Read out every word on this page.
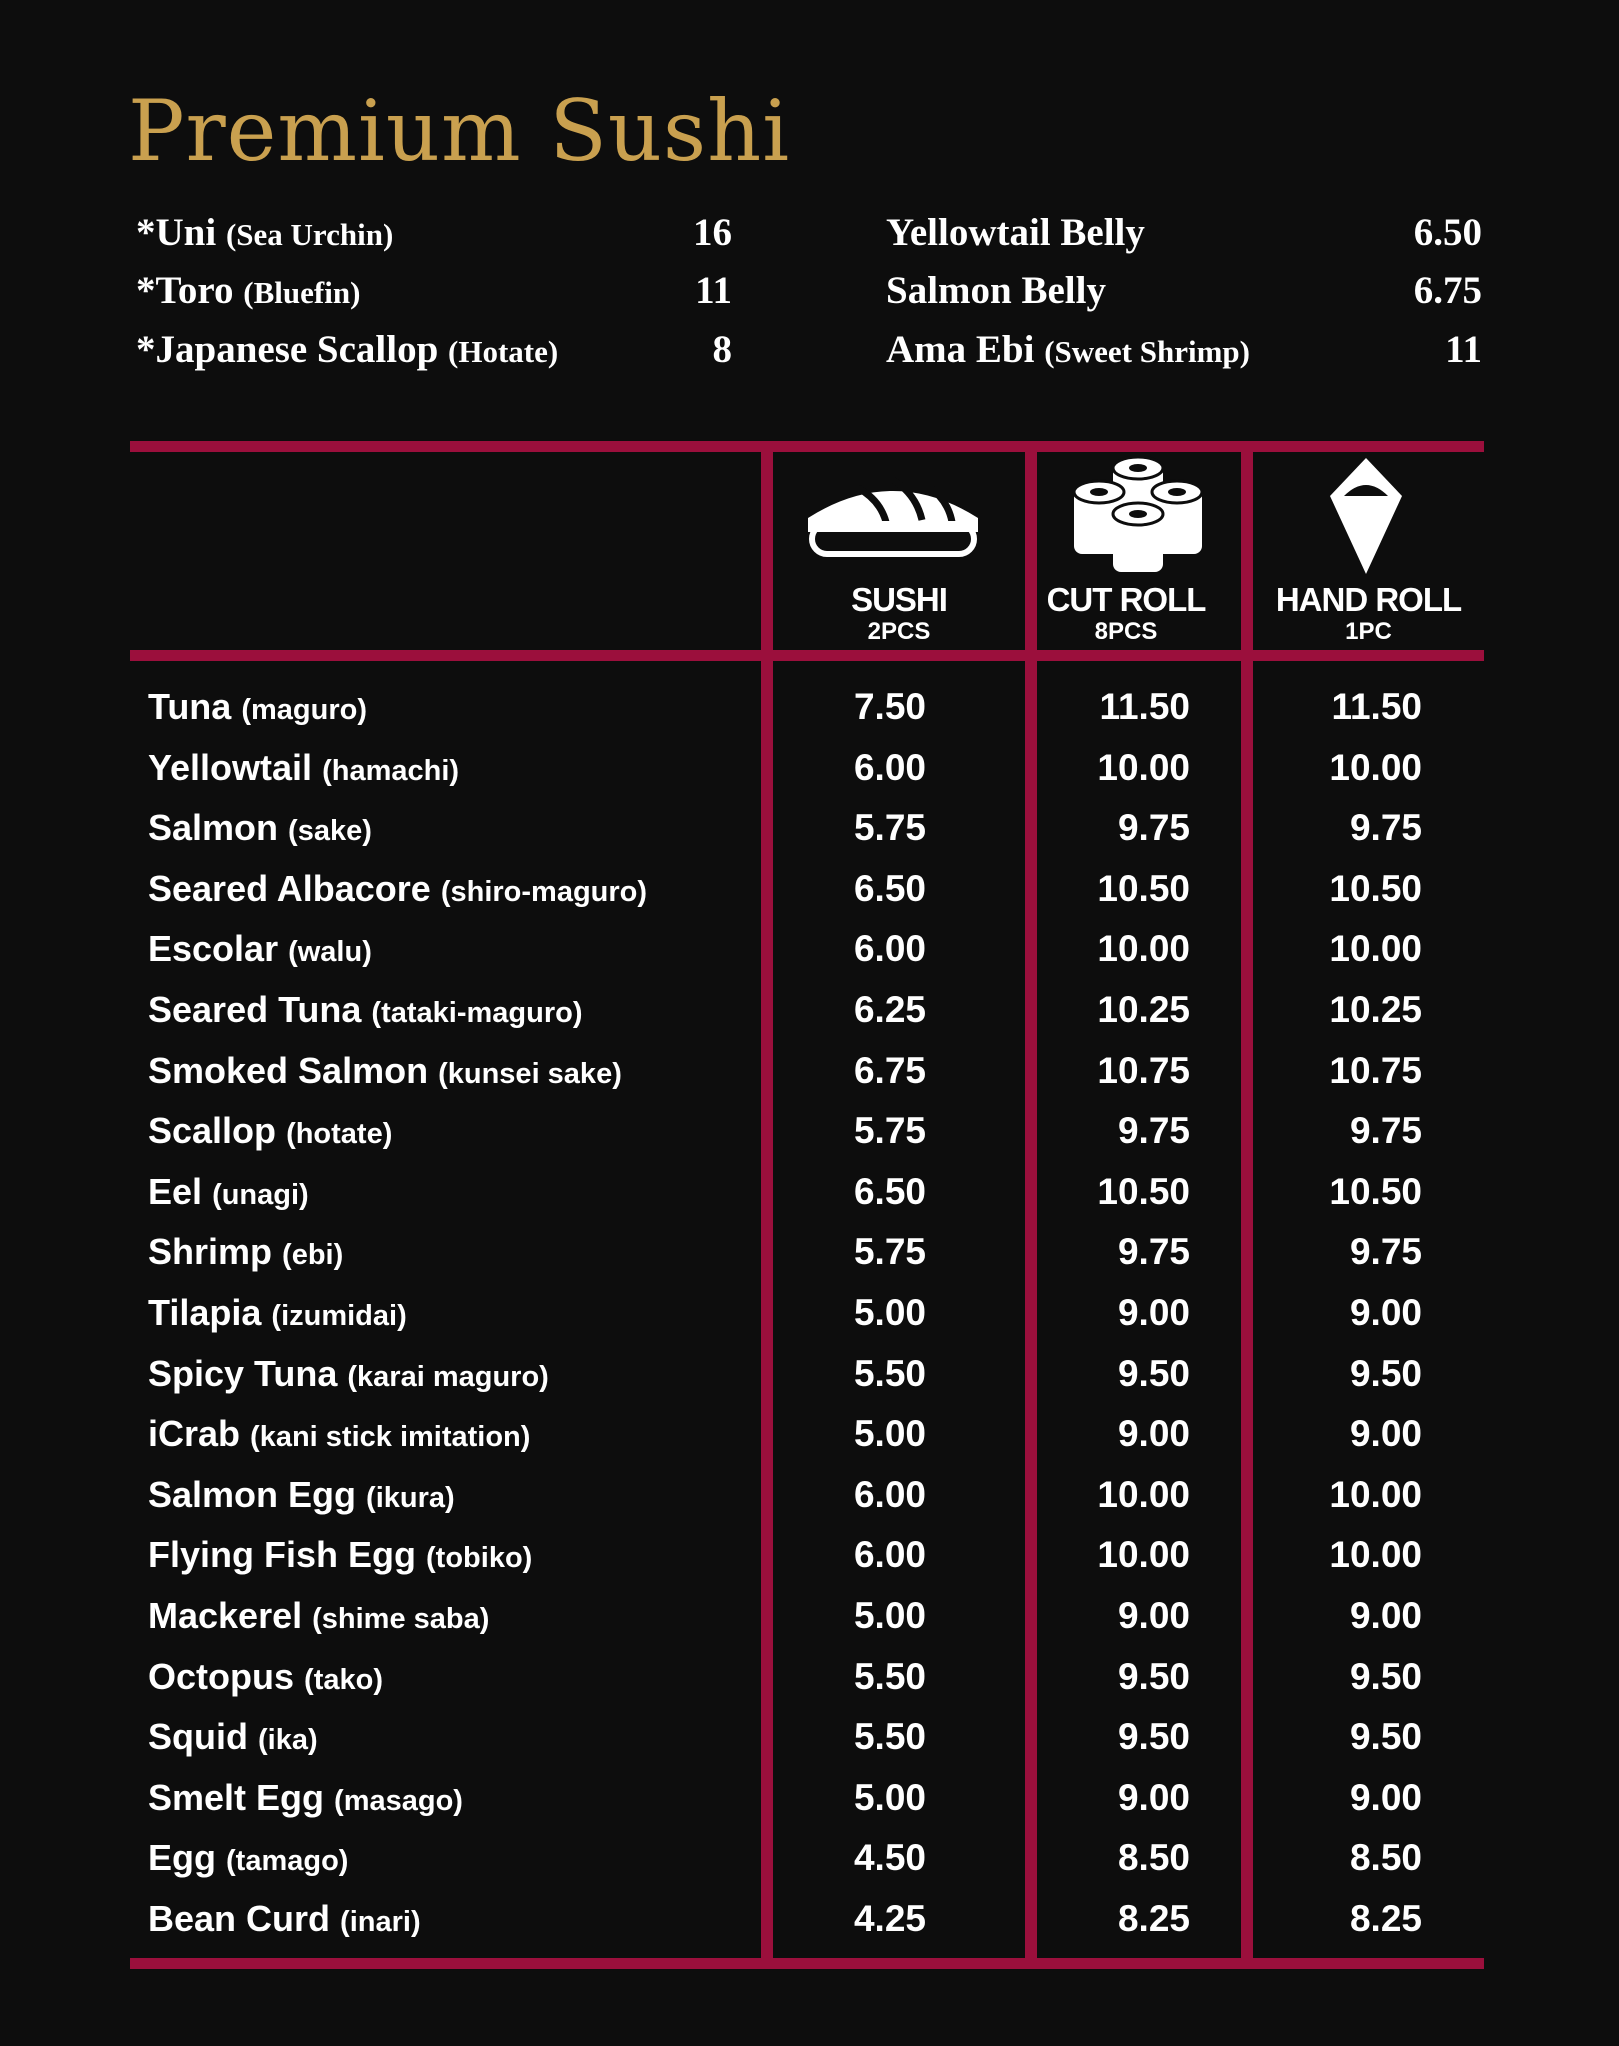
Premium Sushi
*Uni (Sea Urchin)	16
*Toro (Bluefin)	11
*Japanese Scallop (Hotate)	8
Yellowtail Belly	6.50
Salmon Belly	6.75
Ama Ebi (Sweet Shrimp)	11
SUSHI
2PCS
CUT ROLL
8PCS
HAND ROLL
1PC
Tuna (maguro)	7.50	11.50	11.50
Yellowtail (hamachi)	6.00	10.00	10.00
Salmon (sake)	5.75	9.75	9.75
Seared Albacore (shiro-maguro)	6.50	10.50	10.50
Escolar (walu)	6.00	10.00	10.00
Seared Tuna (tataki-maguro)	6.25	10.25	10.25
Smoked Salmon (kunsei sake)	6.75	10.75	10.75
Scallop (hotate)	5.75	9.75	9.75
Eel (unagi)	6.50	10.50	10.50
Shrimp (ebi)	5.75	9.75	9.75
Tilapia (izumidai)	5.00	9.00	9.00
Spicy Tuna (karai maguro)	5.50	9.50	9.50
iCrab (kani stick imitation)	5.00	9.00	9.00
Salmon Egg (ikura)	6.00	10.00	10.00
Flying Fish Egg (tobiko)	6.00	10.00	10.00
Mackerel (shime saba)	5.00	9.00	9.00
Octopus (tako)	5.50	9.50	9.50
Squid (ika)	5.50	9.50	9.50
Smelt Egg (masago)	5.00	9.00	9.00
Egg (tamago)	4.50	8.50	8.50
Bean Curd (inari)	4.25	8.25	8.25
